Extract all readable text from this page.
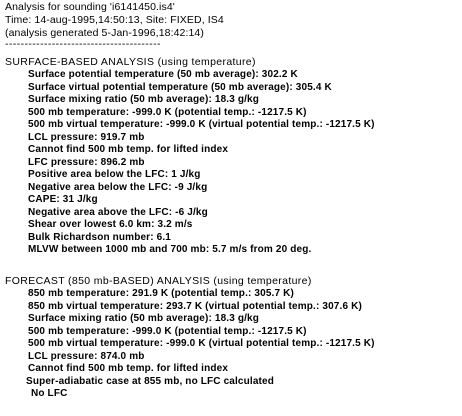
Analysis for sounding 'i6141450.is4'
Time: 14-aug-1995,14:50:13, Site: FIXED, IS4
(analysis generated 5-Jan-1996,18:42:14)
----------------------------------------
SURFACE-BASED ANALYSIS (using temperature)
Surface potential temperature (50 mb average): 302.2 K
Surface virtual potential temperature (50 mb average): 305.4 K
Surface mixing ratio (50 mb average): 18.3 g/kg
500 mb temperature: -999.0 K (potential temp.: -1217.5 K)
500 mb virtual temperature: -999.0 K (virtual potential temp.: -1217.5 K)
LCL pressure: 919.7 mb
Cannot find 500 mb temp. for lifted index
LFC pressure: 896.2 mb
Positive area below the LFC: 1 J/kg
Negative area below the LFC: -9 J/kg
CAPE: 31 J/kg
Negative area above the LFC: -6 J/kg
Shear over lowest 6.0 km: 3.2 m/s
Bulk Richardson number: 6.1
MLVW between 1000 mb and 700 mb: 5.7 m/s from 20 deg.
FORECAST (850 mb-BASED) ANALYSIS (using temperature)
850 mb temperature: 291.9 K (potential temp.: 305.7 K)
850 mb virtual temperature: 293.7 K (virtual potential temp.: 307.6 K)
Surface mixing ratio (50 mb average): 18.3 g/kg
500 mb temperature: -999.0 K (potential temp.: -1217.5 K)
500 mb virtual temperature: -999.0 K (virtual potential temp.: -1217.5 K)
LCL pressure: 874.0 mb
Cannot find 500 mb temp. for lifted index
Super-adiabatic case at 855 mb, no LFC calculated
No LFC
